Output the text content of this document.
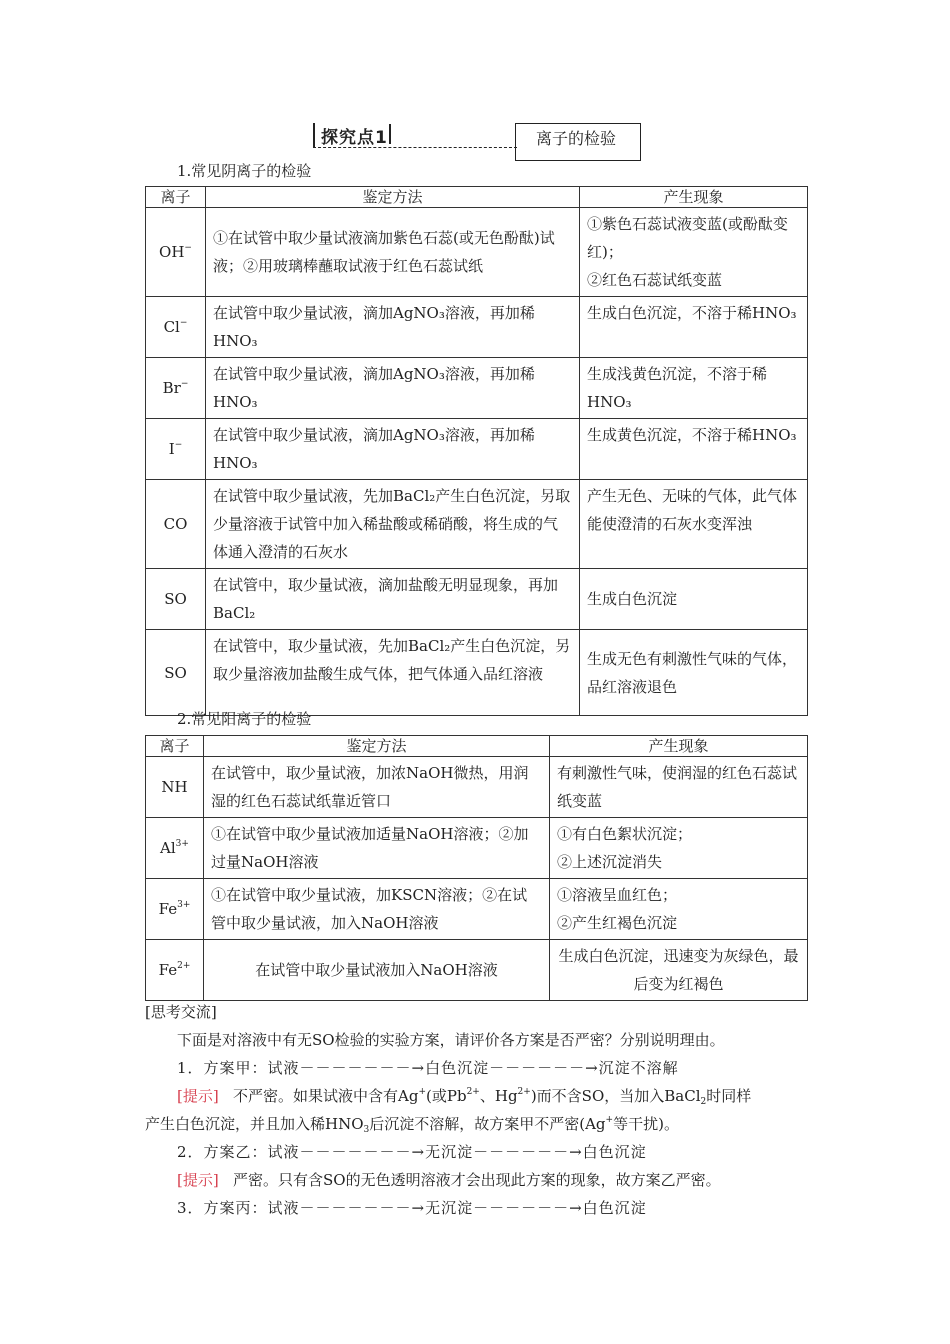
探究点1	离子的检验
1.常见阴离子的检验
离子	鉴定方法	产生现象
OH−	①在试管中取少量试液滴加紫色石蕊(或无色酚酞)试液；②用玻璃棒蘸取试液于红色石蕊试纸	①紫色石蕊试液变蓝(或酚酞变红)；
②红色石蕊试纸变蓝

Cl−	在试管中取少量试液，滴加AgNO₃溶液，再加稀HNO₃	生成白色沉淀，不溶于稀HNO₃
Br−	在试管中取少量试液，滴加AgNO₃溶液，再加稀HNO₃	生成浅黄色沉淀，不溶于稀HNO₃
I−	在试管中取少量试液，滴加AgNO₃溶液，再加稀HNO₃	生成黄色沉淀，不溶于稀HNO₃
CO	在试管中取少量试液，先加BaCl₂产生白色沉淀，另取少量溶液于试管中加入稀盐酸或稀硝酸，将生成的气体通入澄清的石灰水	产生无色、无味的气体，此气体能使澄清的石灰水变浑浊
SO	在试管中，取少量试液，滴加盐酸无明显现象，再加BaCl₂	生成白色沉淀
SO	在试管中，取少量试液，先加BaCl₂产生白色沉淀，另取少量溶液加盐酸生成气体，把气体通入品红溶液	生成无色有刺激性气味的气体，品红溶液退色
2.常见阳离子的检验
离子	鉴定方法	产生现象
NH	在试管中，取少量试液，加浓NaOH微热，用润湿的红色石蕊试纸靠近管口	有刺激性气味，使润湿的红色石蕊试纸变蓝
$Al^{3+}$	①在试管中取少量试液加适量NaOH溶液；②加过量NaOH溶液	①有白色絮状沉淀；
②上述沉淀消失

$Fe^{3+}$	①在试管中取少量试液，加KSCN溶液；②在试管中取少量试液，加入NaOH溶液	①溶液呈血红色；
②产生红褐色沉淀

$Fe^{2+}$	在试管中取少量试液加入NaOH溶液	生成白色沉淀，迅速变为灰绿色，最后变为红褐色
[思考交流]
下面是对溶液中有无SO检验的实验方案，请评价各方案是否严密？分别说明理由。
1．方案甲：试液－－－－－－－→白色沉淀－－－－－－→沉淀不溶解
[提示] 不严密。如果试液中含有Ag+(或$Pb^{2+}$、$Hg^{2+}$)而不含SO，当加入BaCl$_2$时同样
产生白色沉淀，并且加入稀$HNO_3$后沉淀不溶解，故方案甲不严密(Ag+等干扰)。
2．方案乙：试液－－－－－－－→无沉淀－－－－－－→白色沉淀
[提示] 严密。只有含SO的无色透明溶液才会出现此方案的现象，故方案乙严密。
3．方案丙：试液－－－－－－－→无沉淀－－－－－－→白色沉淀
